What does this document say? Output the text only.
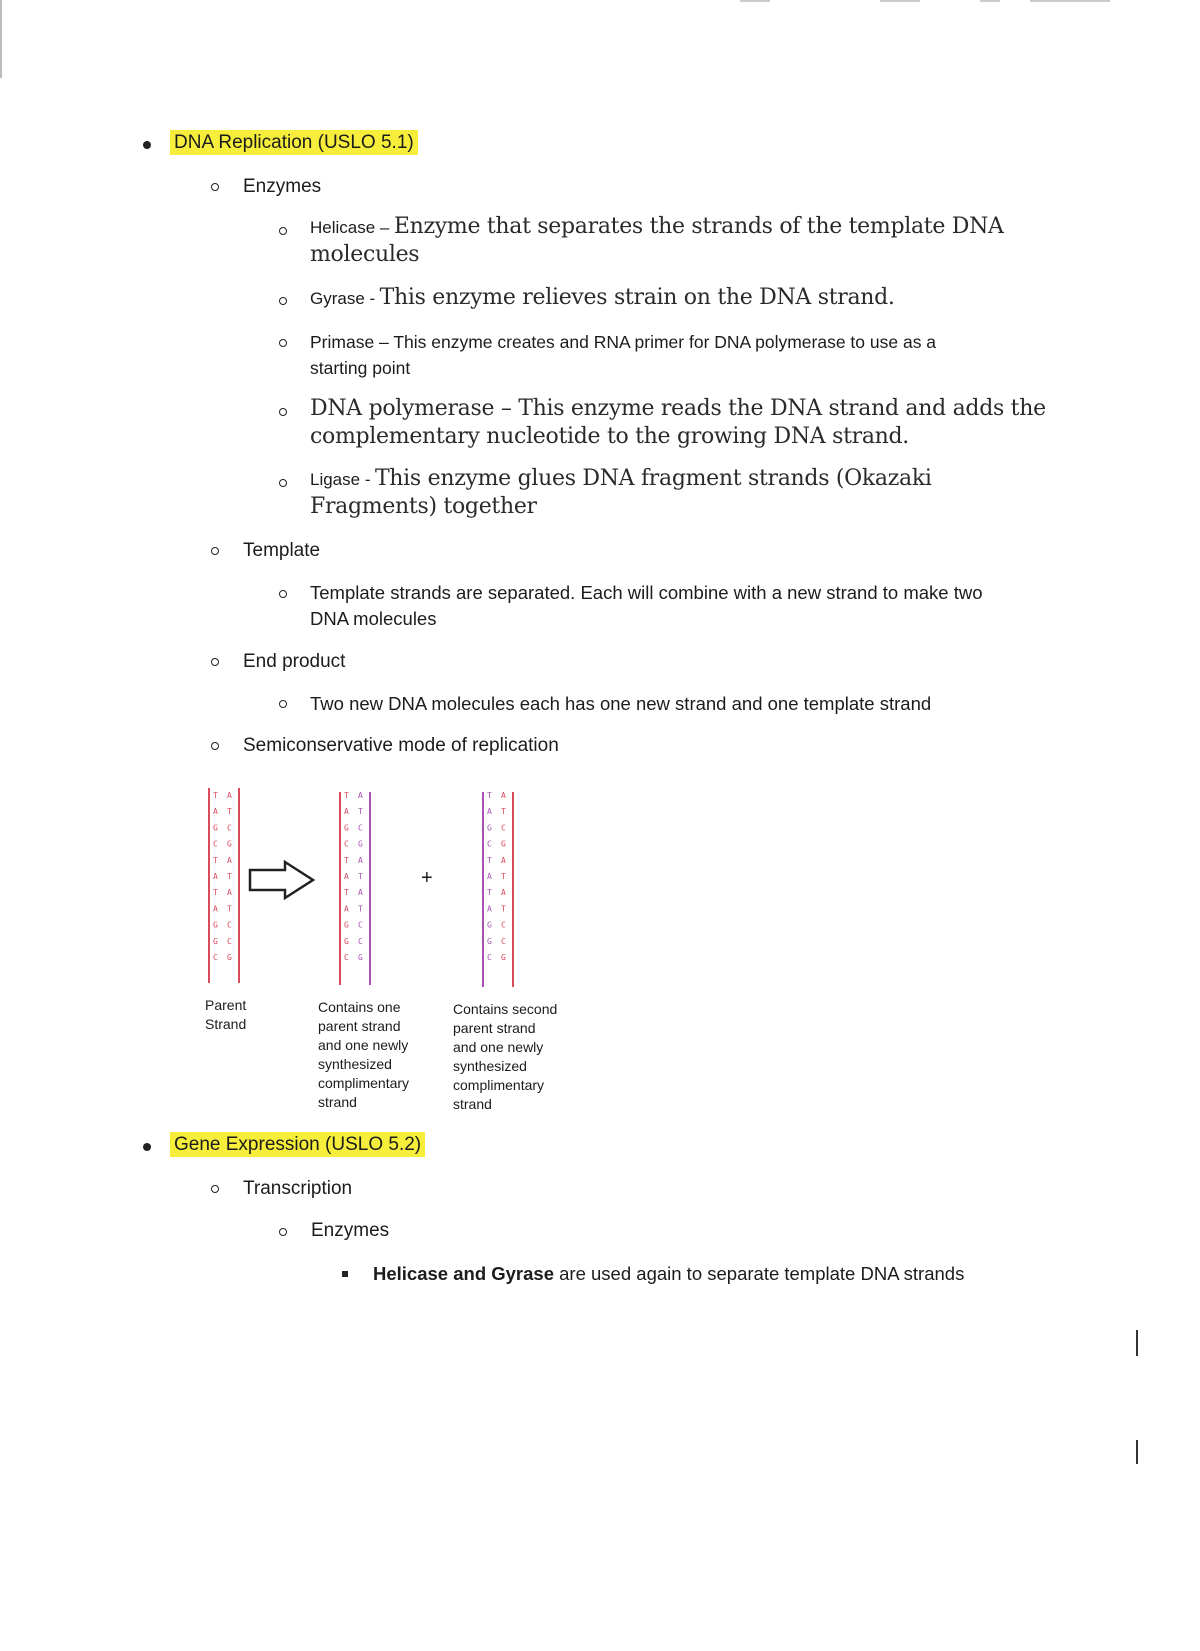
DNA Replication (USLO 5.1)
Enzymes
Helicase – Enzyme that separates the strands of the template DNA
molecules
Gyrase - This enzyme relieves strain on the DNA strand.
Primase – This enzyme creates and RNA primer for DNA polymerase to use as a
starting point
DNA polymerase – This enzyme reads the DNA strand and adds the
complementary nucleotide to the growing DNA strand.
Ligase - This enzyme glues DNA fragment strands (Okazaki
Fragments) together
Template
Template strands are separated. Each will combine with a new strand to make two
DNA molecules
End product
Two new DNA molecules each has one new strand and one template strand
Semiconservative mode of replication
T
A
G
C
T
A
T
A
G
G
C
A
T
C
G
A
T
A
T
C
C
G
T
A
G
C
T
A
T
A
G
G
C
A
T
C
G
A
T
A
T
C
C
G
T
A
G
C
T
A
T
A
G
G
C
A
T
C
G
A
T
A
T
C
C
G
+
Parent
Strand
Contains one
parent strand
and one newly
synthesized
complimentary
strand
Contains second
parent strand
and one newly
synthesized
complimentary
strand
Gene Expression (USLO 5.2)
Transcription
Enzymes
Helicase and Gyrase are used again to separate template DNA strands
